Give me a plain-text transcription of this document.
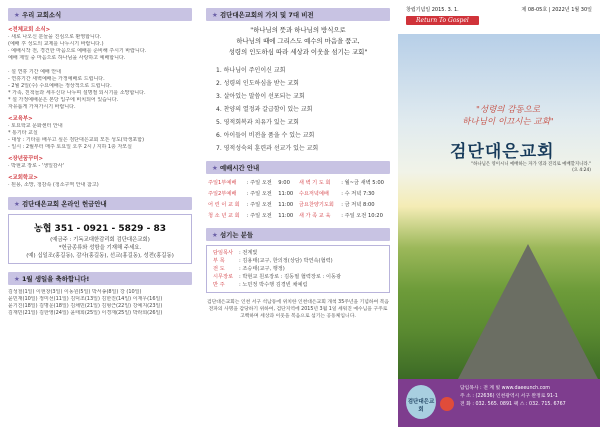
★ 우리 교회소식
<전체교회 소식>
· 새로 나오신 분들을 진심으로 환영합니다.
(예배 후 성도의 교제를 나누시기 바랍니다.)
· 예배시작 전, 경건한 마음으로 예배를 준비해 주시기 바랍니다.
예배 제일 중 마음으로 하나님을 사랑하고 예배합니다.

· 설 연휴 기간 예배 안내
- 연휴기간 새벽예배는 가정예배로 드립니다.
- 2월 2일(수) 수요예배는 정상적으로 드립니다.
* 가족, 친척들과 세우신다 나누며 설명절 되시기를 소망합니다.
* 설 가정예배문은 본당 입구에 비치되어 있습니다.
자유롭게 가져가시기 바랍니다.
<교육부>
· 토요학교 문화센터 안내
* 통기타 교실
- 대상 : 기타를 배우고 싶은 검단대은교회 모든 성도(학생포함)
- 일시 : 2월부터 매주 토요일 오후 2시 / 지하 1층 자모실
<장년꿈꾸미>
· 박현교 장로 - '생일감사'
<교회학교>
· 된용, 소망, 청감속 (청소구역 안내 참고)
★ 검단대은교회 온라인 헌금안내
농협 351 - 0921 - 5829 - 83
(예금주 : 기독교대한감리회 검단대은교회)
*헌금종류와 성함을 기재해 주세요.
(예) 십일조(홍길동), 감사(홍길동), 선교(홍길동), 성전(홍길동)
★ 1월 생일을 축하합니다!
김성철(1일) 이현창(3일) 이동원(5일) 박서송(8일) 강 (10일)
윤민재(10일) 정미선(11일) 김덕조(13일) 김한진(14일) 이재우(16일)
윤기진(18일) 김명운(18일) 김채민(21일) 김형근(22일) 강예지(23일)
김재민(21일) 김한영(24일) 윤태희(25일) 이경재(25일) 박라희(26일)
★ 검단대은교회의 가치 및 7대 비전
"하나님의 뜻과 하나님의 방식으로
하나님의 때에 그리스도 예수의 마음을 품고,
성령의 인도하심 따라 세상과 이웃을 섬기는 교회"
1. 하나님이 주인이신 교회
2. 성령의 인도하심을 받는 교회
3. 살아있는 말씀이 선포되는 교회
4. 찬양의 열정과 갈급함이 있는 교회
5. 영적회복과 치유가 있는 교회
6. 아이들이 비전을 품을 수 있는 교회
7. 영적성숙의 훈련과 선교가 있는 교회
★ 예배시간 안내
주일1부예배	: 주일 오전	9:00	새 벽 기 도 회	: 월~금 새벽 5:00
주일2부예배	: 주일 오전	11:00	수요저녁예배	: 수 저녁 7:30
어 린 이 교 회	: 주일 오전	11:00	금요찬양기도회	: 금 저녁 8:00
청 소 년 교 회	: 주일 오전	11:00	새 가 족 교 육	: 주일 오전 10:20
★ 섬기는 분들
담임목사 : 전계빛
부 목	: 김용태(교구, 한의정(상담) 박연속(협력)
전 도	: 조승태(교구, 행정)
시무장로 : 박현교 원로장로 : 김동필 협력장로 : 이동광
반 주	: 노민정 박수행 김경빈 채예림
검단대은교회는 인천 서구 석남동에 위치한 인천대은교회 개척 35주년을 기념하여 복음전파의 사명을 감당하기 위하여, 검단지역에 2015년 3월 1일 세워진 예수님을 구주로 고백하며 세상과 이웃을 복음으로 섬기는 공동체입니다.
창립기념일 2015. 3. 1.	제 08-05호 | 2022년 1월 30일
Return To Gospel
"성령의 감동으로
하나님이 이끄시는 교회"
검단대은교회
"하나님은 영이시니 예배하는 자가 영과 진리로 예배할지니라."
(요 4:24)
검단대은교회
담임목사 : 전 계 빛 www.daeeunch.com
주 소 : (22636) 인천광역시 서구 완정로 91-1
전 화 : 032. 565. 0891 팩 스 : 032. 715. 6767
